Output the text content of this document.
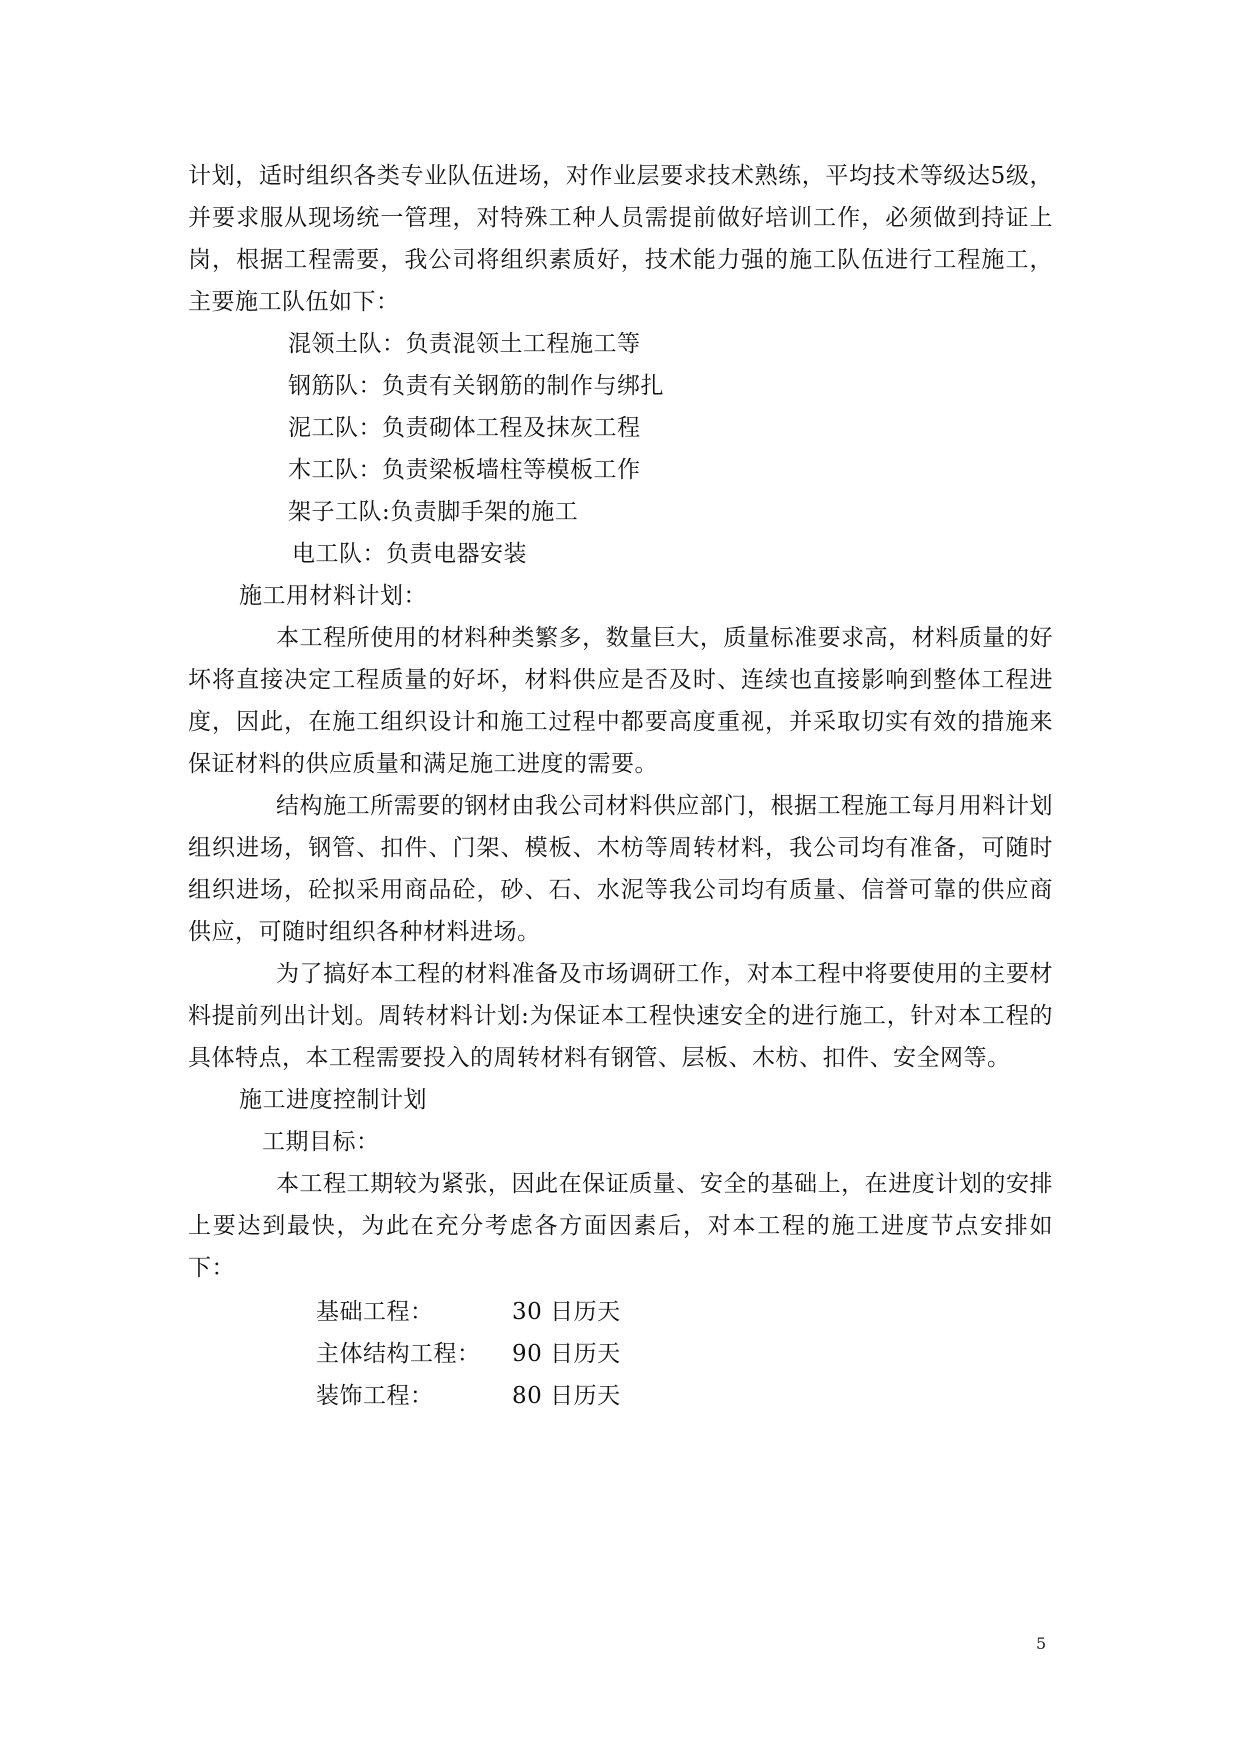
计划，适时组织各类专业队伍进场，对作业层要求技术熟练，平均技术等级达5级，并要求服从现场统一管理，对特殊工种人员需提前做好培训工作，必须做到持证上岗，根据工程需要，我公司将组织素质好，技术能力强的施工队伍进行工程施工，主要施工队伍如下：

混领土队：负责混领土工程施工等
钢筋队：负责有关钢筋的制作与绑扎
泥工队：负责砌体工程及抹灰工程
木工队：负责梁板墙柱等模板工作
架子工队:负责脚手架的施工
电工队：负责电器安装

施工用材料计划：

本工程所使用的材料种类繁多，数量巨大，质量标准要求高，材料质量的好坏将直接决定工程质量的好坏，材料供应是否及时、连续也直接影响到整体工程进度，因此，在施工组织设计和施工过程中都要高度重视，并采取切实有效的措施来保证材料的供应质量和满足施工进度的需要。

结构施工所需要的钢材由我公司材料供应部门，根据工程施工每月用料计划组织进场，钢管、扣件、门架、模板、木枋等周转材料，我公司均有准备，可随时组织进场，砼拟采用商品砼，砂、石、水泥等我公司均有质量、信誉可靠的供应商供应，可随时组织各种材料进场。

为了搞好本工程的材料准备及市场调研工作，对本工程中将要使用的主要材料提前列出计划。周转材料计划:为保证本工程快速安全的进行施工，针对本工程的具体特点，本工程需要投入的周转材料有钢管、层板、木枋、扣件、安全网等。

施工进度控制计划

工期目标：

本工程工期较为紧张，因此在保证质量、安全的基础上，在进度计划的安排上要达到最快，为此在充分考虑各方面因素后，对本工程的施工进度节点安排如下：

基础工程：	30 日历天
主体结构工程：	90 日历天
装饰工程：	80 日历天
5
